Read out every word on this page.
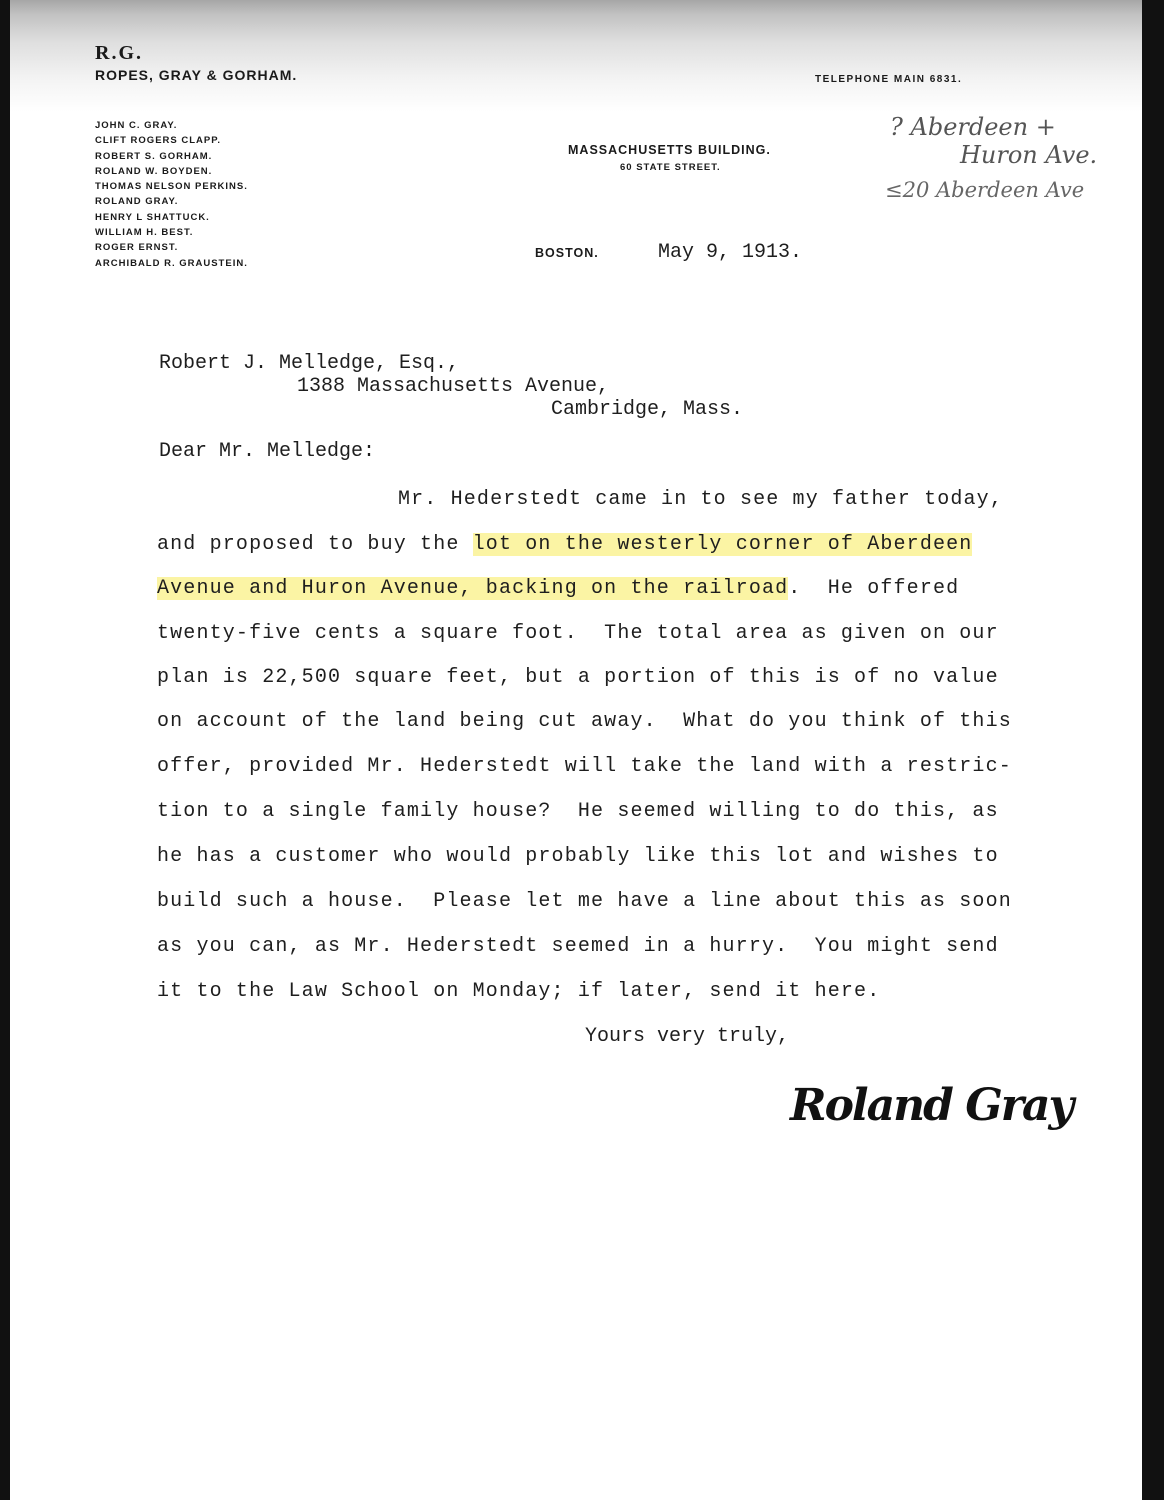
R.G.
ROPES, GRAY & GORHAM.	TELEPHONE MAIN 6831.
JOHN C. GRAY.
CLIFT ROGERS CLAPP.
ROBERT S. GORHAM.
ROLAND W. BOYDEN.
THOMAS NELSON PERKINS.
ROLAND GRAY.
HENRY L SHATTUCK.
WILLIAM H. BEST.
ROGER ERNST.
ARCHIBALD R. GRAUSTEIN.
MASSACHUSETTS BUILDING.
60 STATE STREET.
BOSTON.
? Aberdeen +
Huron Ave.
≤20 Aberdeen Ave
May 9, 1913.
Robert J. Melledge, Esq.,
1388 Massachusetts Avenue,
Cambridge, Mass.
Dear Mr. Melledge:
Mr. Hederstedt came in to see my father today,
and proposed to buy the lot on the westerly corner of Aberdeen
Avenue and Huron Avenue, backing on the railroad.  He offered
twenty-five cents a square foot.  The total area as given on our
plan is 22,500 square feet, but a portion of this is of no value
on account of the land being cut away.  What do you think of this
offer, provided Mr. Hederstedt will take the land with a restric-
tion to a single family house?  He seemed willing to do this, as
he has a customer who would probably like this lot and wishes to
build such a house.  Please let me have a line about this as soon
as you can, as Mr. Hederstedt seemed in a hurry.  You might send
it to the Law School on Monday; if later, send it here.
Yours very truly,
Roland Gray
